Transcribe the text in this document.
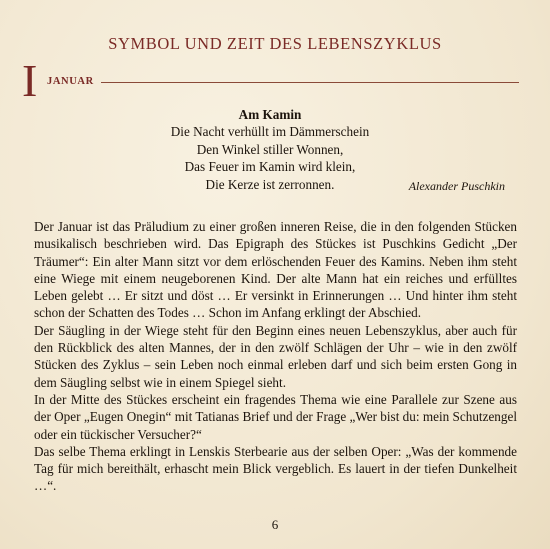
SYMBOL UND ZEIT DES LEBENSZYKLUS
I JANUAR
Am Kamin
Die Nacht verhüllt im Dämmerschein
Den Winkel stiller Wonnen,
Das Feuer im Kamin wird klein,
Die Kerze ist zerronnen.	Alexander Puschkin

Der Januar ist das Präludium zu einer großen inneren Reise, die in den folgenden Stücken musikalisch beschrieben wird. Das Epigraph des Stückes ist Puschkins Gedicht „Der Träumer“: Ein alter Mann sitzt vor dem erlöschenden Feuer des Kamins. Neben ihm steht eine Wiege mit einem neugeborenen Kind. Der alte Mann hat ein reiches und erfülltes Leben gelebt … Er sitzt und döst … Er versinkt in Erinnerungen … Und hinter ihm steht schon der Schatten des Todes … Schon im Anfang erklingt der Abschied.

Der Säugling in der Wiege steht für den Beginn eines neuen Lebenszyklus, aber auch für den Rückblick des alten Mannes, der in den zwölf Schlägen der Uhr – wie in den zwölf Stücken des Zyklus – sein Leben noch einmal erleben darf und sich beim ersten Gong in dem Säugling selbst wie in einem Spiegel sieht.

In der Mitte des Stückes erscheint ein fragendes Thema wie eine Parallele zur Szene aus der Oper „Eugen Onegin“ mit Tatianas Brief und der Frage „Wer bist du: mein Schutzengel oder ein tückischer Versucher?“

Das selbe Thema erklingt in Lenskis Sterbearie aus der selben Oper: „Was der kommende Tag für mich bereithält, erhascht mein Blick vergeblich. Es lauert in der tiefen Dunkelheit …“.

6
